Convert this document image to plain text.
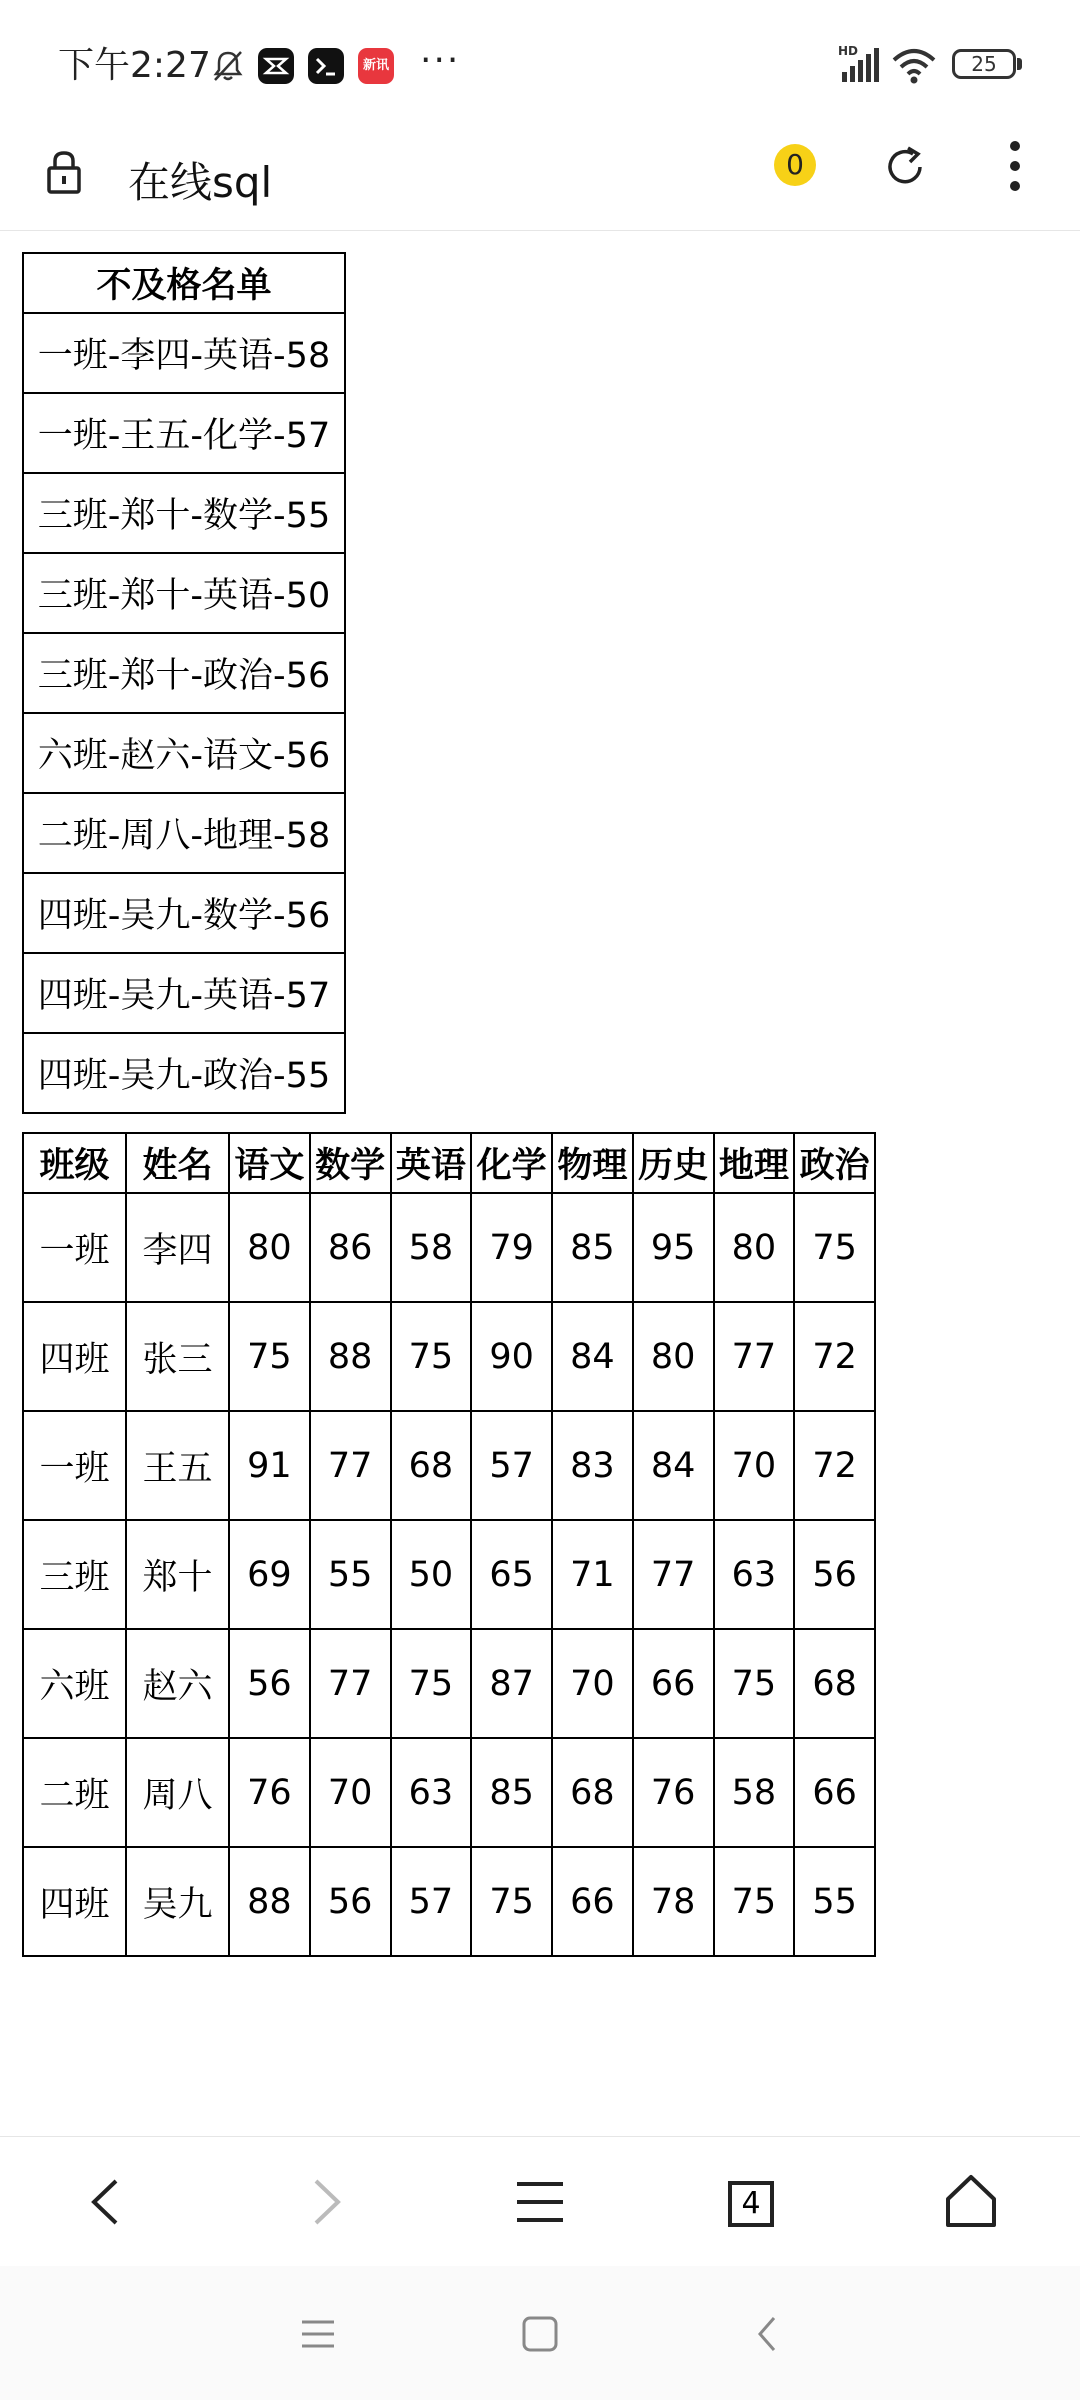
下午2:27	新讯 ···	HD
25
在线sql	0
不及格名单
一班-李四-英语-58
一班-王五-化学-57
三班-郑十-数学-55
三班-郑十-英语-50
三班-郑十-政治-56
六班-赵六-语文-56
二班-周八-地理-58
四班-吴九-数学-56
四班-吴九-英语-57
四班-吴九-政治-55
班级	姓名	语文	数学	英语	化学	物理	历史	地理	政治
一班	李四	80	86	58	79	85	95	80	75
四班	张三	75	88	75	90	84	80	77	72
一班	王五	91	77	68	57	83	84	70	72
三班	郑十	69	55	50	65	71	77	63	56
六班	赵六	56	77	75	87	70	66	75	68
二班	周八	76	70	63	85	68	76	58	66
四班	吴九	88	56	57	75	66	78	75	55
4
